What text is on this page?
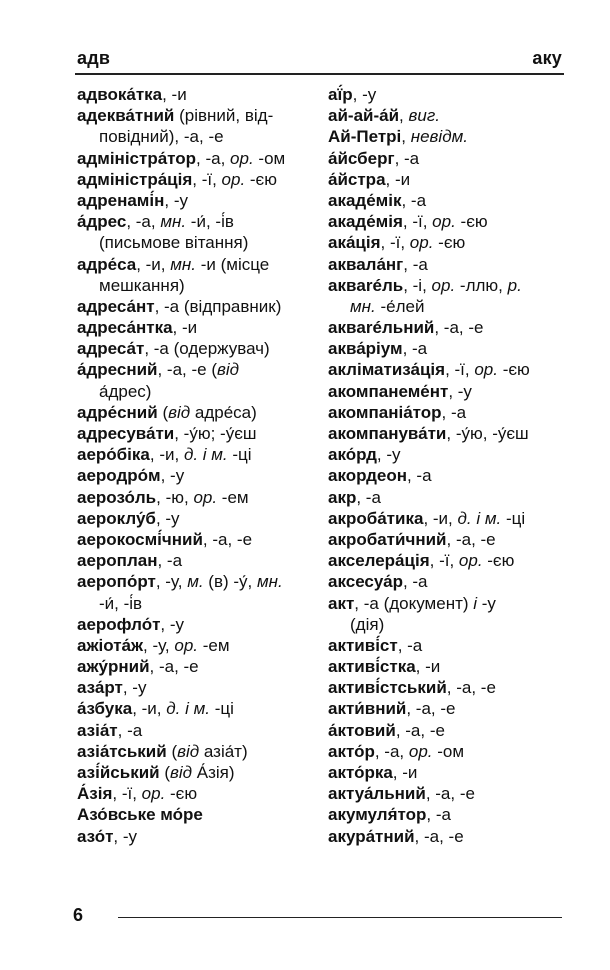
адв	аку
адвока́тка, -и
адеква́тний (рівний, від-
повідний), -а, -е
адміністра́тор, -а, ор. -ом
адміністра́ція, -ї, ор. -єю
адренамі́н, -у
а́дрес, -а, мн. -и́, -і́в
(письмове вітання)
адре́са, -и, мн. -и (місце
мешкання)
адреса́нт, -а (відправник)
адреса́нтка, -и
адреса́т, -а (одержувач)
а́дресний, -а, -е (від
а́дрес)
адре́сний (від адре́са)
адресува́ти, -у́ю; -у́єш
аеро́біка, -и, д. і м. -ці
аеродро́м, -у
аерозо́ль, -ю, ор. -ем
аероклу́б, -у
аерокосмі́чний, -а, -е
аероплан, -а
аеропо́рт, -у, м. (в) -у́, мн.
-и́, -і́в
аерофло́т, -у
ажіота́ж, -у, ор. -ем
ажу́рний, -а, -е
аза́рт, -у
а́збука, -и, д. і м. -ці
азіа́т, -а
азіа́тський (від азіа́т)
азі́йський (від А́зія)
А́зія, -ї, ор. -єю
Азо́вське мо́ре
азо́т, -у
аї́р, -у
ай-ай-а́й, виг.
Ай-Петрі, невідм.
а́йсберг, -а
а́йстра, -и
акаде́мік, -а
акаде́мія, -ї, ор. -єю
ака́ція, -ї, ор. -єю
аквала́нг, -а
аквaréль, -і, ор. -ллю, р.
мн. -е́лей
аквaréльний, -а, -е
аква́ріум, -а
акліматиза́ція, -ї, ор. -єю
акомпанеме́нт, -у
акомпаніа́тор, -а
акомпанува́ти, -у́ю, -у́єш
ако́рд, -у
акордеон, -а
акр, -а
акроба́тика, -и, д. і м. -ці
акробати́чний, -а, -е
акселера́ція, -ї, ор. -єю
аксесуа́р, -а
акт, -а (документ) і -у
(дія)
активі́ст, -а
активі́стка, -и
активі́стський, -а, -е
акти́вний, -а, -е
а́ктовий, -а, -е
акто́р, -а, ор. -ом
акто́рка, -и
актуа́льний, -а, -е
акумуля́тор, -а
акура́тний, -а, -е
6
